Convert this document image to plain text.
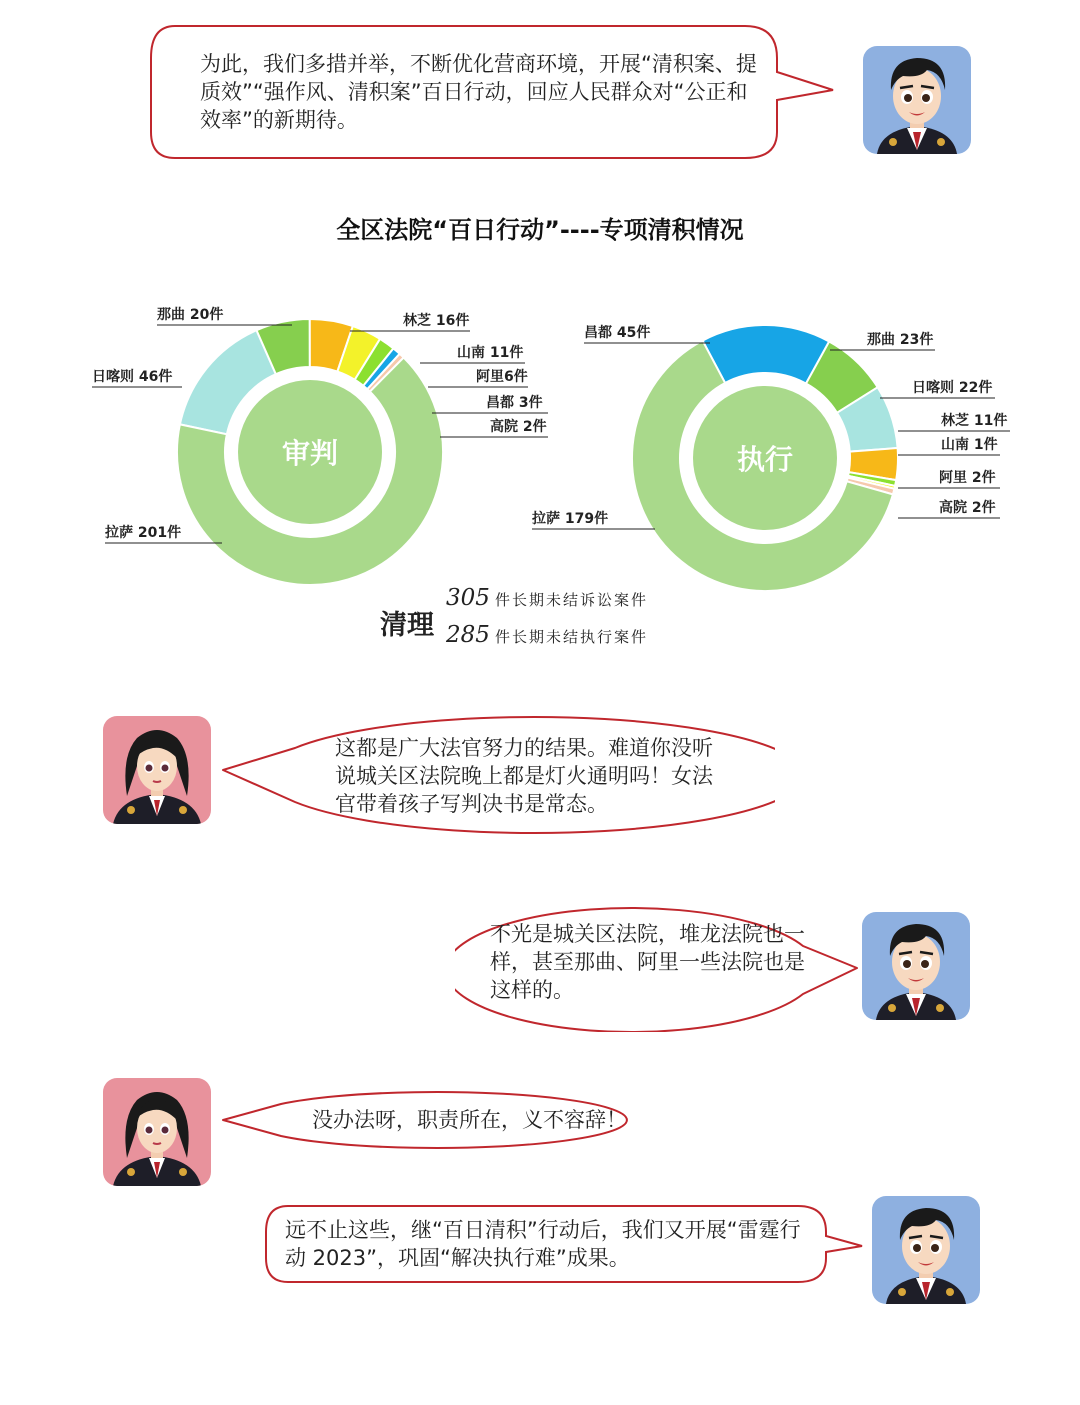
为此，我们多措并举，不断优化营商环境，开展“清积案、提质效”“强作风、清积案”百日行动，回应人民群众对“公正和效率”的新期待。
全区法院“百日行动”----专项清积情况
审判
拉萨 201件
日喀则 46件
那曲 20件	林芝 16件
山南 11件
阿里6件
昌都 3件
高院 2件
执行
拉萨 179件
昌都 45件	那曲 23件
日喀则 22件
林芝 11件
山南 1件
阿里 2件
高院 2件
清理
305 件长期未结诉讼案件
285 件长期未结执行案件
这都是广大法官努力的结果。难道你没听说城关区法院晚上都是灯火通明吗！女法官带着孩子写判决书是常态。
不光是城关区法院，堆龙法院也一样，甚至那曲、阿里一些法院也是这样的。
没办法呀，职责所在，义不容辞！
远不止这些，继“百日清积”行动后，我们又开展“雷霆行动 2023”，巩固“解决执行难”成果。
